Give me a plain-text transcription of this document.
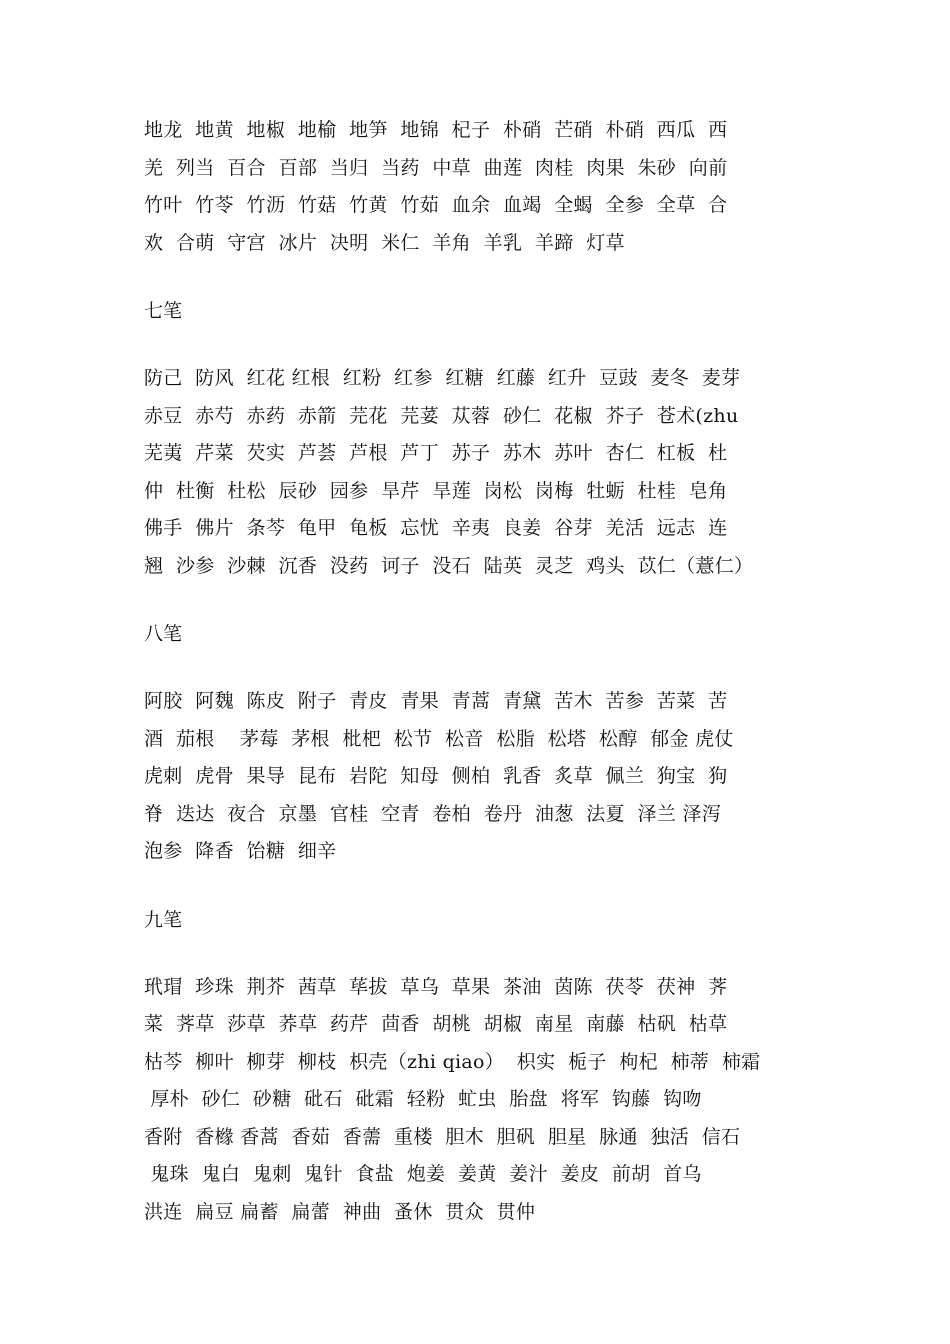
地龙  地黄  地椒  地榆  地笋  地锦  杞子  朴硝  芒硝  朴硝  西瓜  西
羌  列当  百合  百部  当归  当药  中草  曲莲  肉桂  肉果  朱砂  向前
竹叶  竹苓  竹沥  竹菇  竹黄  竹茹  血余  血竭  全蝎  全参  全草  合
欢  合萌  守宫  冰片  决明  米仁  羊角  羊乳  羊蹄  灯草
七笔
防己  防风  红花 红根  红粉  红参  红糖  红藤  红升  豆豉  麦冬  麦芽
赤豆  赤芍  赤药  赤箭  芫花  芫荽  苁蓉  砂仁  花椒  芥子  苍术(zhu
芜荑  芹菜  芡实  芦荟  芦根  芦丁  苏子  苏木  苏叶  杏仁  杠板  杜
仲  杜衡  杜松  辰砂  园参  旱芹  旱莲  岗松  岗梅  牡蛎  杜桂  皂角
佛手  佛片  条芩  龟甲  龟板  忘忧  辛夷  良姜  谷芽  羌活  远志  连
翘  沙参  沙棘  沉香  没药  诃子  没石  陆英  灵芝  鸡头  苡仁（薏仁）
八笔
阿胶  阿魏  陈皮  附子  青皮  青果  青蒿  青黛  苦木  苦参  苦菜  苦
酒  茄根    茅莓  茅根  枇杷  松节  松音  松脂  松塔  松醇  郁金 虎仗
虎刺  虎骨  果导  昆布  岩陀  知母  侧柏  乳香  炙草  佩兰  狗宝  狗
脊  迭达  夜合  京墨  官桂  空青  卷柏  卷丹  油葱  法夏  泽兰 泽泻
泡参  降香  饴糖  细辛
九笔
玳瑁  珍珠  荆芥  茜草  荜拔  草乌  草果  茶油  茵陈  茯苓  茯神  荠
菜  荠草  莎草  荞草  药芹  茴香  胡桃  胡椒  南星  南藤  枯矾  枯草
枯芩  柳叶  柳芽  柳枝  枳壳（zhi qiao）  枳实  栀子  枸杞  柿蒂  柿霜
厚朴  砂仁  砂糖  砒石  砒霜  轻粉  虻虫  胎盘  将军  钩藤  钩吻
香附  香橼 香蒿  香茹  香薷  重楼  胆木  胆矾  胆星  脉通  独活  信石
鬼珠  鬼白  鬼刺  鬼针  食盐  炮姜  姜黄  姜汁  姜皮  前胡  首乌
洪连  扁豆 扁蓄  扁蕾  神曲  蚤休  贯众  贯仲
